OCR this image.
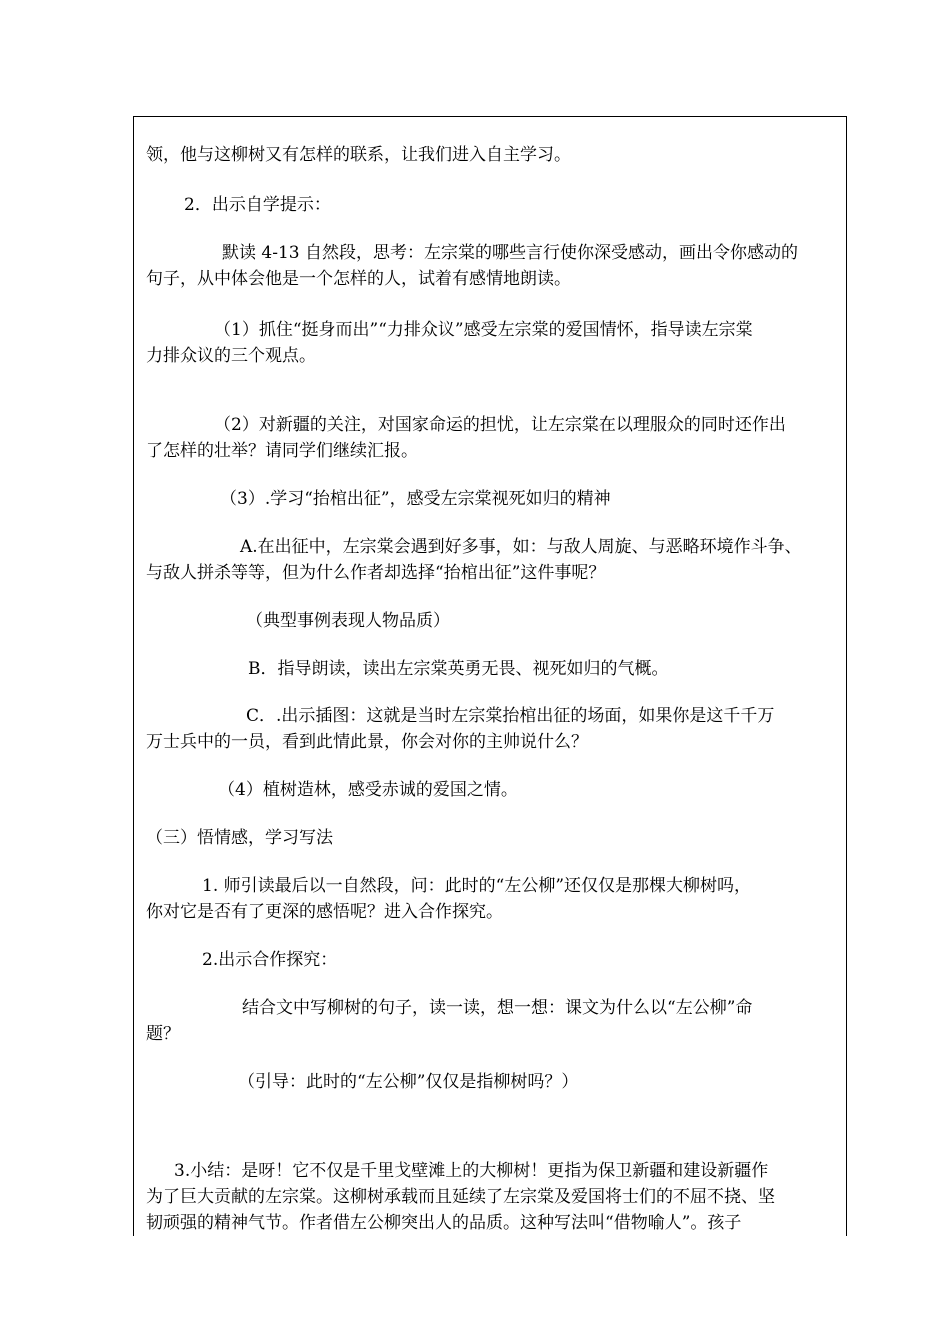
领，他与这柳树又有怎样的联系，让我们进入自主学习。
2．出示自学提示：
默读 4-13 自然段，思考：左宗棠的哪些言行使你深受感动，画出令你感动的
句子，从中体会他是一个怎样的人，试着有感情地朗读。
（1）抓住“挺身而出”“力排众议”感受左宗棠的爱国情怀，指导读左宗棠
力排众议的三个观点。
（2）对新疆的关注，对国家命运的担忧，让左宗棠在以理服众的同时还作出
了怎样的壮举？请同学们继续汇报。
（3）.学习“抬棺出征”，感受左宗棠视死如归的精神
A.在出征中，左宗棠会遇到好多事，如：与敌人周旋、与恶略环境作斗争、
与敌人拼杀等等，但为什么作者却选择“抬棺出征”这件事呢？
（典型事例表现人物品质）
B．指导朗读，读出左宗棠英勇无畏、视死如归的气概。
C．.出示插图：这就是当时左宗棠抬棺出征的场面，如果你是这千千万
万士兵中的一员，看到此情此景，你会对你的主帅说什么？
（4）植树造林，感受赤诚的爱国之情。
（三）悟情感，学习写法
1. 师引读最后以一自然段，问：此时的“左公柳”还仅仅是那棵大柳树吗，
你对它是否有了更深的感悟呢？进入合作探究。
2.出示合作探究：
结合文中写柳树的句子，读一读，想一想：课文为什么以“左公柳”命
题？
（引导：此时的“左公柳”仅仅是指柳树吗？）
3.小结：是呀！它不仅是千里戈壁滩上的大柳树！更指为保卫新疆和建设新疆作
为了巨大贡献的左宗棠。这柳树承载而且延续了左宗棠及爱国将士们的不屈不挠、坚
韧顽强的精神气节。作者借左公柳突出人的品质。这种写法叫“借物喻人”。孩子
